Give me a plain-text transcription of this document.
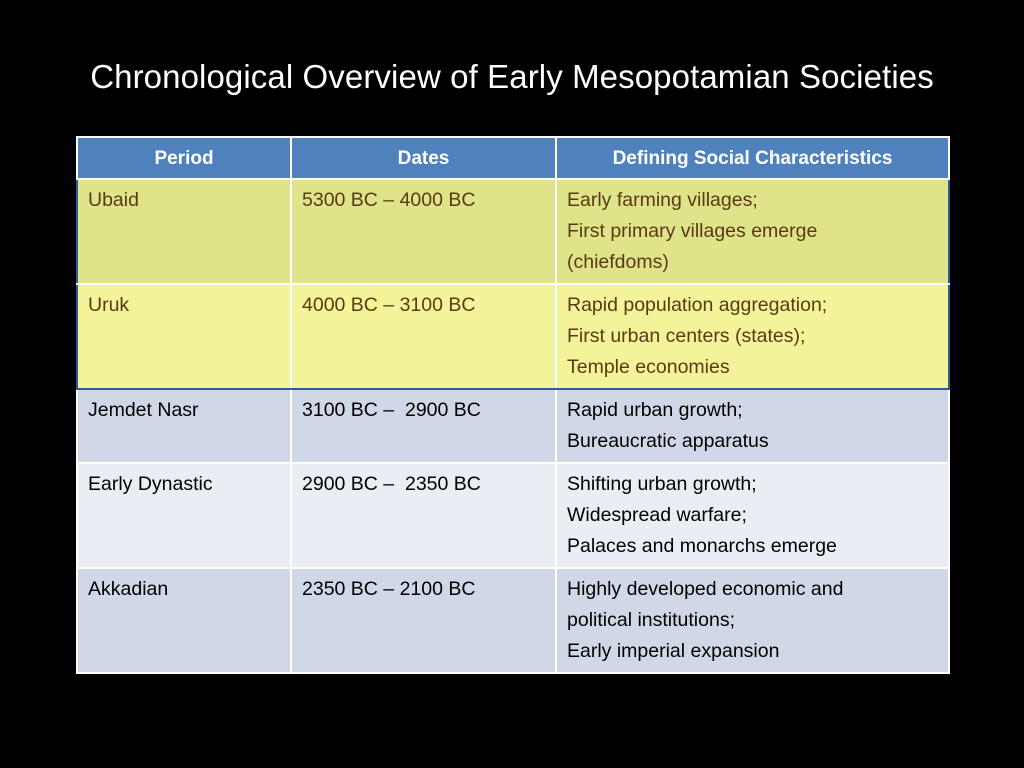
Chronological Overview of Early Mesopotamian Societies
Period	Dates	Defining Social Characteristics
Ubaid	5300 BC – 4000 BC	Early farming villages;
First primary villages emerge
(chiefdoms)

Uruk	4000 BC – 3100 BC	Rapid population aggregation;
First urban centers (states);
Temple economies

Jemdet Nasr	3100 BC –  2900 BC	Rapid urban growth;
Bureaucratic apparatus

Early Dynastic	2900 BC –  2350 BC	Shifting urban growth;
Widespread warfare;
Palaces and monarchs emerge

Akkadian	2350 BC – 2100 BC	Highly developed economic and
political institutions;
Early imperial expansion
